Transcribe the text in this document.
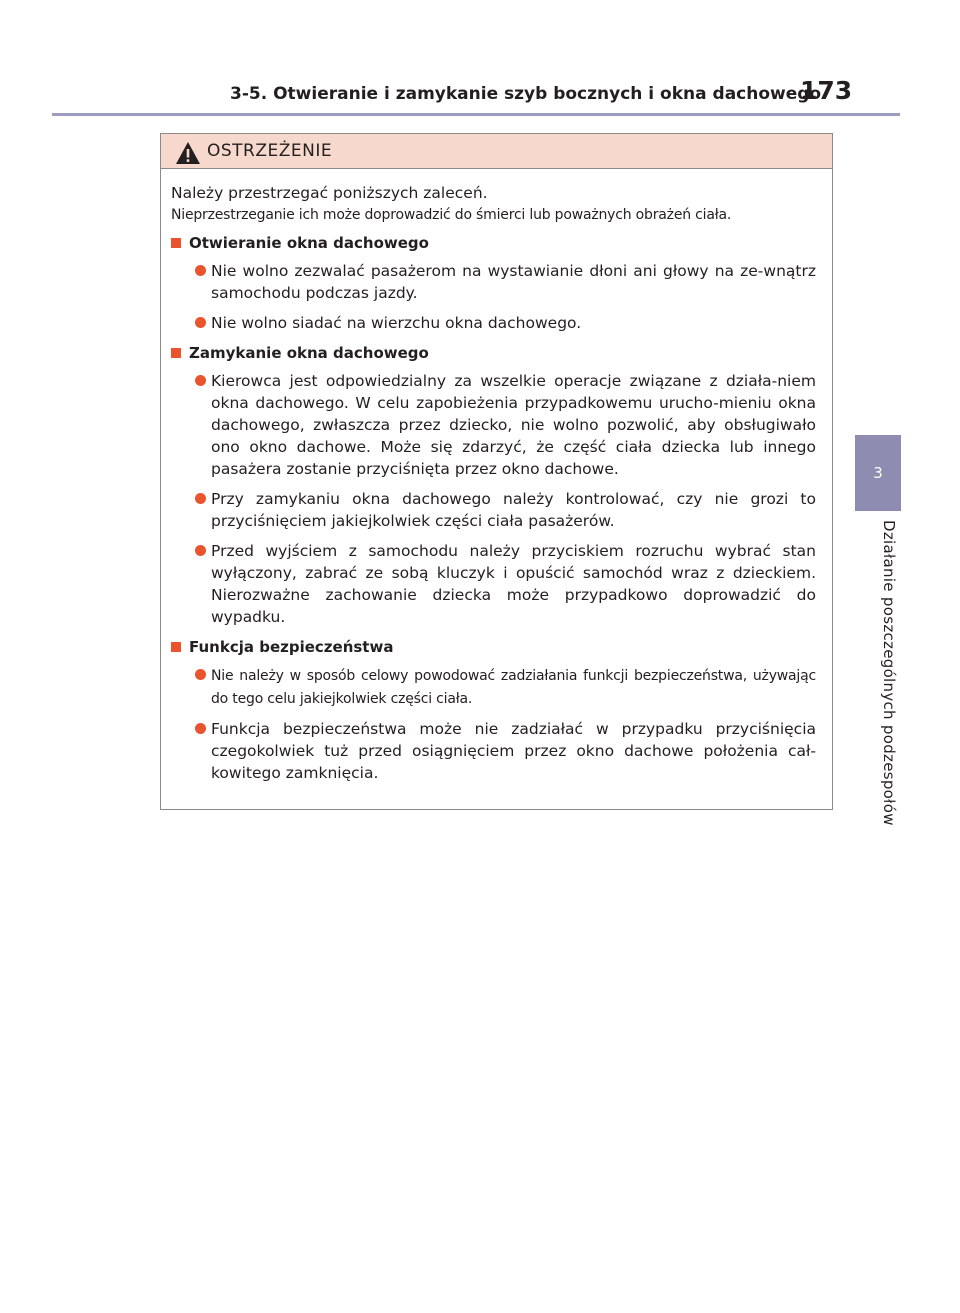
3-5. Otwieranie i zamykanie szyb bocznych i okna dachowego
173
3
Działanie poszczególnych podzespołów
OSTRZEŻENIE

Należy przestrzegać poniższych zaleceń.

Nieprzestrzeganie ich może doprowadzić do śmierci lub poważnych obrażeń ciała.

Otwieranie okna dachowego
Nie wolno zezwalać pasażerom na wystawianie dłoni ani głowy na ze-wnątrz samochodu podczas jazdy.
Nie wolno siadać na wierzchu okna dachowego.
Zamykanie okna dachowego
Kierowca jest odpowiedzialny za wszelkie operacje związane z działa-niem okna dachowego. W celu zapobieżenia przypadkowemu urucho-mieniu okna dachowego, zwłaszcza przez dziecko, nie wolno pozwolić, aby obsługiwało ono okno dachowe. Może się zdarzyć, że część ciała dziecka lub innego pasażera zostanie przyciśnięta przez okno dachowe.
Przy zamykaniu okna dachowego należy kontrolować, czy nie grozi to przyciśnięciem jakiejkolwiek części ciała pasażerów.
Przed wyjściem z samochodu należy przyciskiem rozruchu wybrać stan wyłączony, zabrać ze sobą kluczyk i opuścić samochód wraz z dzieckiem. Nierozważne zachowanie dziecka może przypadkowo doprowadzić do wypadku.
Funkcja bezpieczeństwa
Nie należy w sposób celowy powodować zadziałania funkcji bezpieczeństwa, używając do tego celu jakiejkolwiek części ciała.
Funkcja bezpieczeństwa może nie zadziałać w przypadku przyciśnięcia czegokolwiek tuż przed osiągnięciem przez okno dachowe położenia cał-kowitego zamknięcia.
